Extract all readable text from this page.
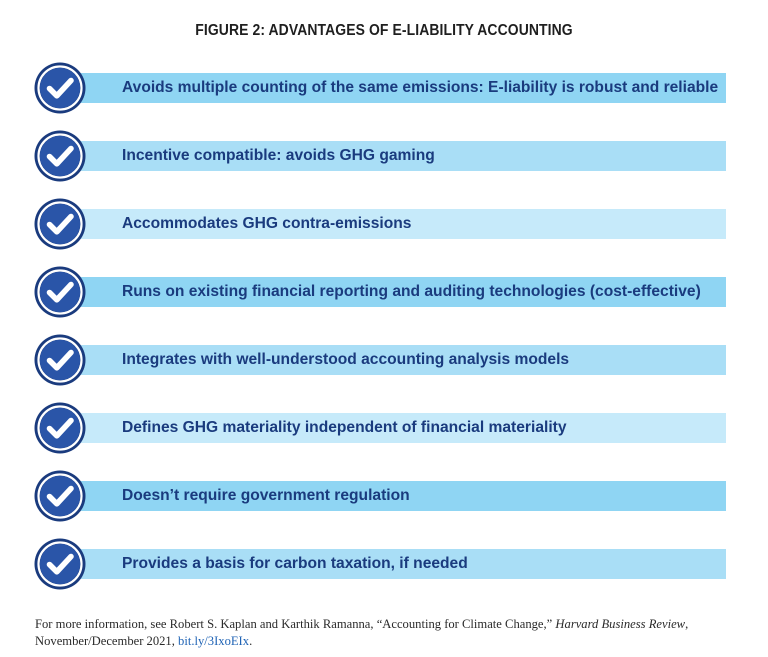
FIGURE 2: ADVANTAGES OF E-LIABILITY ACCOUNTING
Avoids multiple counting of the same emissions: E-liability is robust and reliable
Incentive compatible: avoids GHG gaming
Accommodates GHG contra-emissions
Runs on existing financial reporting and auditing technologies (cost-effective)
Integrates with well-understood accounting analysis models
Defines GHG materiality independent of financial materiality
Doesn’t require government regulation
Provides a basis for carbon taxation, if needed
For more information, see Robert S. Kaplan and Karthik Ramanna, “Accounting for Climate Change,” Harvard Business Review, November/December 2021, bit.ly/3IxoEIx.
